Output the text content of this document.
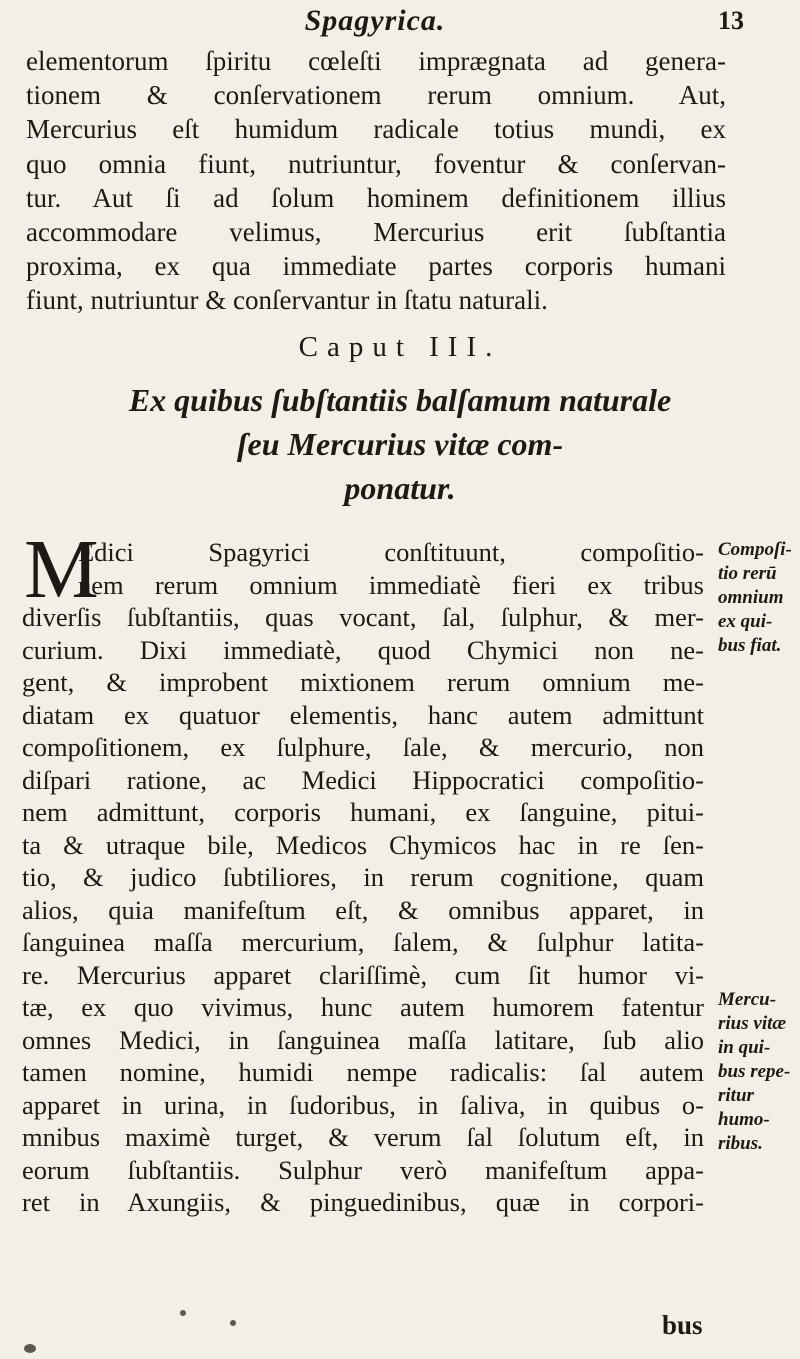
Spagyrica.	13
elementorum ſpiritu cœleſti imprægnata ad genera-
tionem & conſervationem rerum omnium. Aut,
Mercurius eſt humidum radicale totius mundi, ex
quo omnia fiunt, nutriuntur, foventur & conſervan-
tur. Aut ſi ad ſolum hominem definitionem illius
accommodare velimus, Mercurius erit ſubſtantia
proxima, ex qua immediate partes corporis humani
fiunt, nutriuntur & conſervantur in ſtatu naturali.
Caput III.
Ex quibus ſubſtantiis balſamum naturale
ſeu Mercurius vitæ com-
ponatur.
M
Edici Spagyrici conſtituunt, compoſitio-
nem rerum omnium immediatè fieri ex tribus
diverſis ſubſtantiis, quas vocant, ſal, ſulphur, & mer-
curium. Dixi immediatè, quod Chymici non ne-
gent, & improbent mixtionem rerum omnium me-
diatam ex quatuor elementis, hanc autem admittunt
compoſitionem, ex ſulphure, ſale, & mercurio, non
diſpari ratione, ac Medici Hippocratici compoſitio-
nem admittunt, corporis humani, ex ſanguine, pitui-
ta & utraque bile, Medicos Chymicos hac in re ſen-
tio, & judico ſubtiliores, in rerum cognitione, quam
alios, quia manifeſtum eſt, & omnibus apparet, in
ſanguinea maſſa mercurium, ſalem, & ſulphur latita-
re. Mercurius apparet clariſſimè, cum ſit humor vi-
tæ, ex quo vivimus, hunc autem humorem fatentur
omnes Medici, in ſanguinea maſſa latitare, ſub alio
tamen nomine, humidi nempe radicalis: ſal autem
apparet in urina, in ſudoribus, in ſaliva, in quibus o-
mnibus maximè turget, & verum ſal ſolutum eſt, in
eorum ſubſtantiis. Sulphur verò manifeſtum appa-
ret in Axungiis, & pinguedinibus, quæ in corpori-
Compoſi-
tio rerū
omnium
ex qui-
bus fiat.
Mercu-
rius vitæ
in qui-
bus repe-
ritur
humo-
ribus.
bus
